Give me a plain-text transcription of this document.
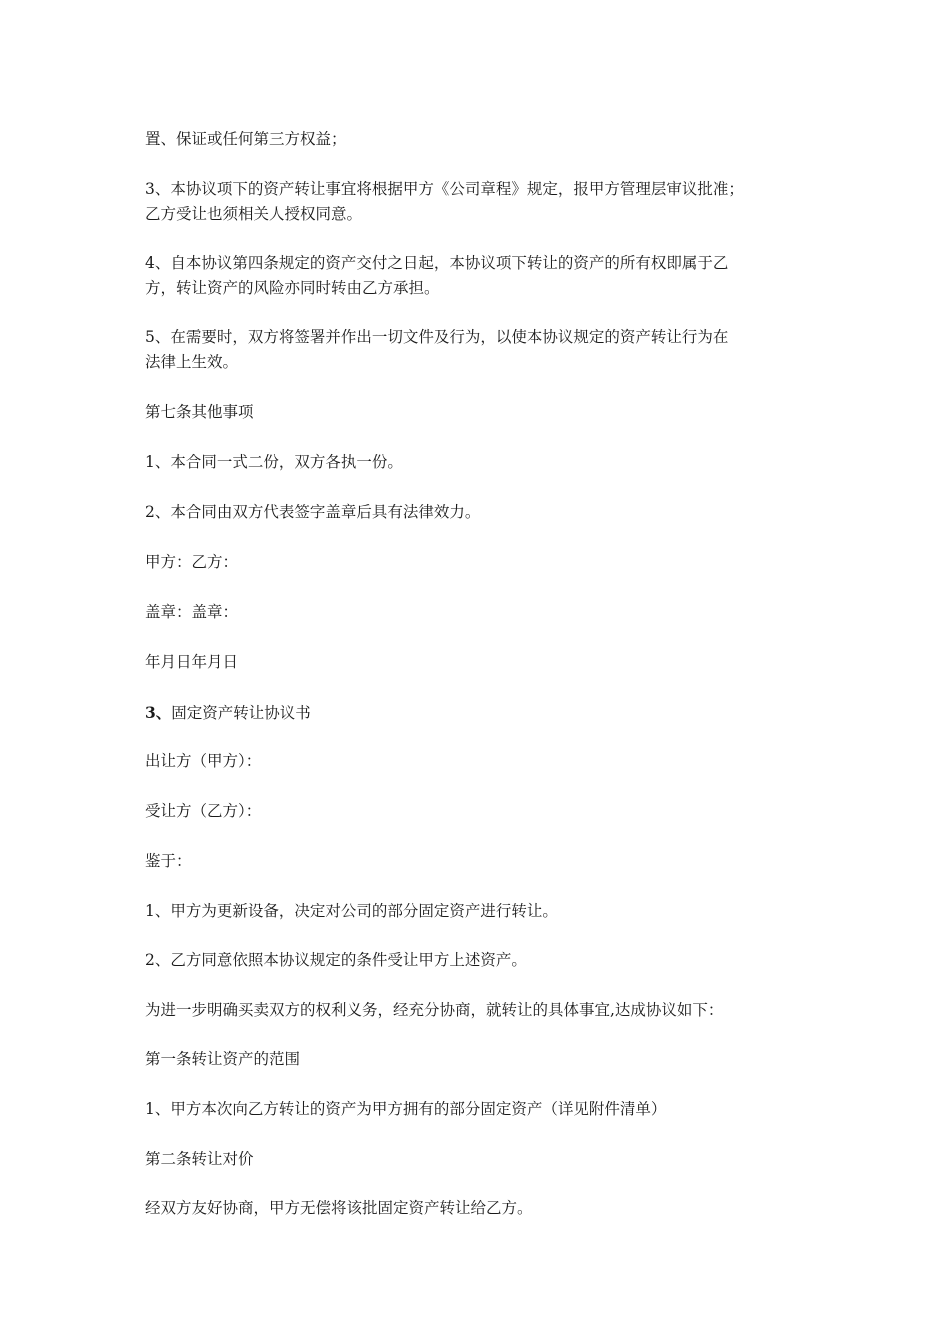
置、保证或任何第三方权益；

3、本协议项下的资产转让事宜将根据甲方《公司章程》规定，报甲方管理层审议批准；
乙方受让也须相关人授权同意。

4、自本协议第四条规定的资产交付之日起，本协议项下转让的资产的所有权即属于乙
方，转让资产的风险亦同时转由乙方承担。

5、在需要时，双方将签署并作出一切文件及行为，以使本协议规定的资产转让行为在
法律上生效。

第七条其他事项

1、本合同一式二份，双方各执一份。

2、本合同由双方代表签字盖章后具有法律效力。

甲方：乙方：

盖章：盖章：

年月日年月日

3、固定资产转让协议书

出让方（甲方）：

受让方（乙方）：

鉴于：

1、甲方为更新设备，决定对公司的部分固定资产进行转让。

2、乙方同意依照本协议规定的条件受让甲方上述资产。

为进一步明确买卖双方的权利义务，经充分协商，就转让的具体事宜,达成协议如下：

第一条转让资产的范围

1、甲方本次向乙方转让的资产为甲方拥有的部分固定资产（详见附件清单）

第二条转让对价

经双方友好协商，甲方无偿将该批固定资产转让给乙方。
